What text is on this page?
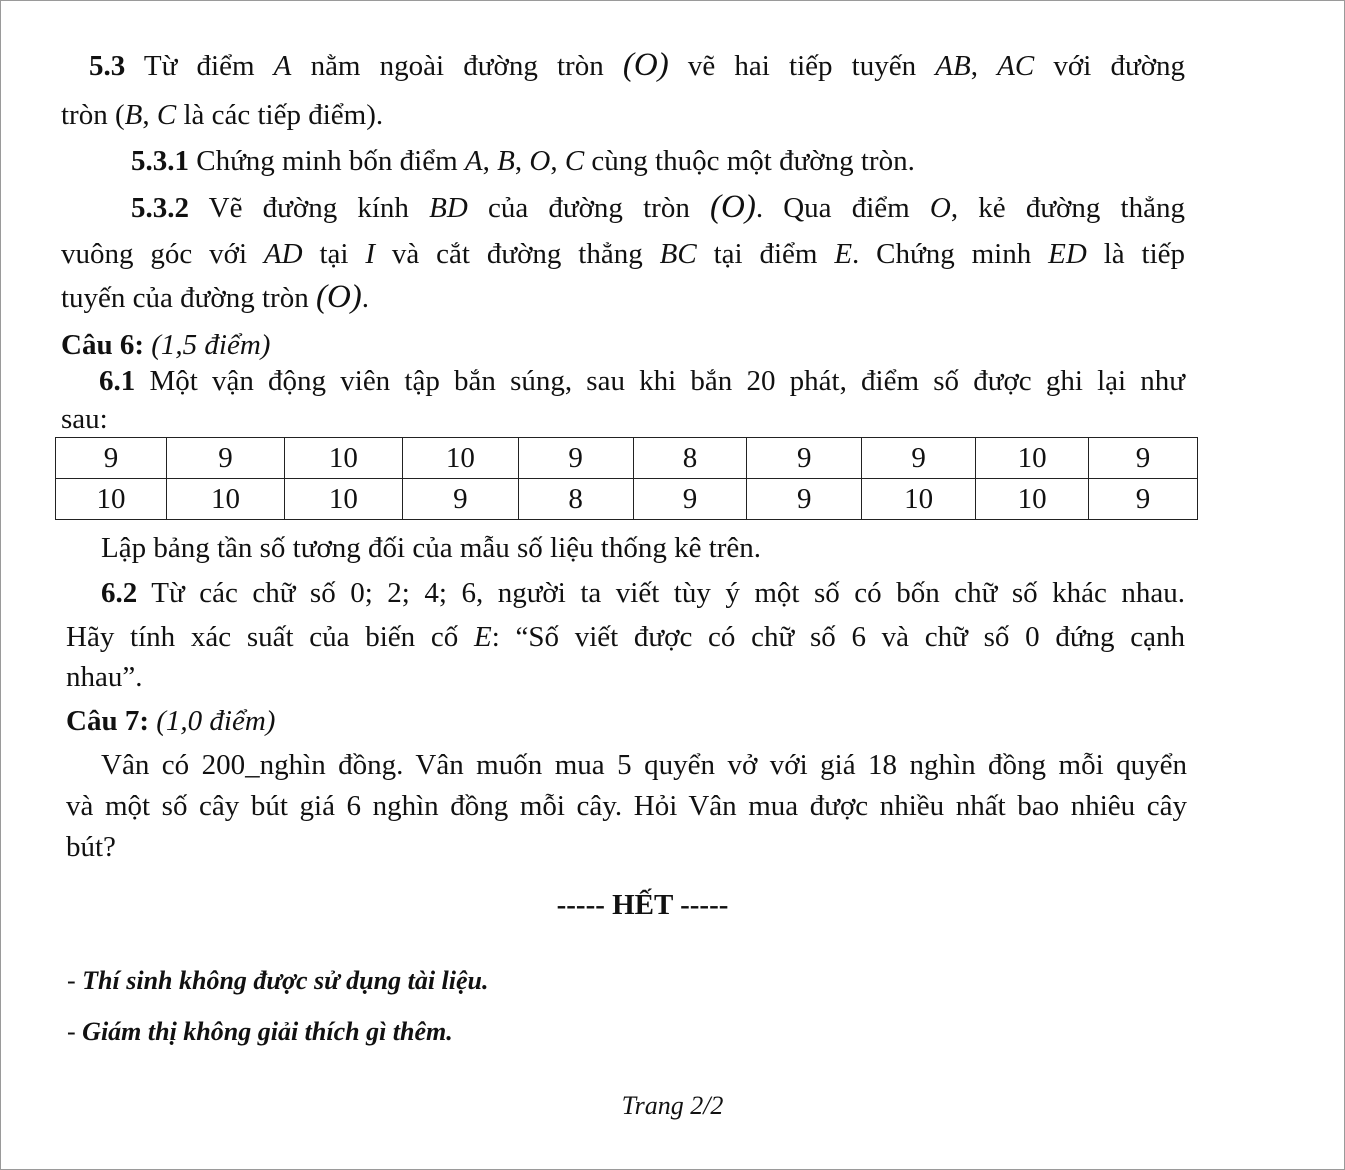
5.3 Từ điểm A nằm ngoài đường tròn (O) vẽ hai tiếp tuyến AB, AC với đường
tròn (B, C là các tiếp điểm).
5.3.1 Chứng minh bốn điểm A, B, O, C cùng thuộc một đường tròn.
5.3.2 Vẽ đường kính BD của đường tròn (O). Qua điểm O, kẻ đường thẳng
vuông góc với AD tại I và cắt đường thẳng BC tại điểm E. Chứng minh ED là tiếp
tuyến của đường tròn (O).
Câu 6: (1,5 điểm)
6.1 Một vận động viên tập bắn súng, sau khi bắn 20 phát, điểm số được ghi lại như
sau:
9	9	10	10	9	8	9	9	10	9
10	10	10	9	8	9	9	10	10	9
Lập bảng tần số tương đối của mẫu số liệu thống kê trên.
6.2 Từ các chữ số 0; 2; 4; 6, người ta viết tùy ý một số có bốn chữ số khác nhau.
Hãy tính xác suất của biến cố E: “Số viết được có chữ số 6 và chữ số 0 đứng cạnh
nhau”.
Câu 7: (1,0 điểm)
Vân có 200_nghìn đồng. Vân muốn mua 5 quyển vở với giá 18 nghìn đồng mỗi quyển
và một số cây bút giá 6 nghìn đồng mỗi cây. Hỏi Vân mua được nhiều nhất bao nhiêu cây
bút?
----- HẾT -----
- Thí sinh không được sử dụng tài liệu.
- Giám thị không giải thích gì thêm.
Trang 2/2
